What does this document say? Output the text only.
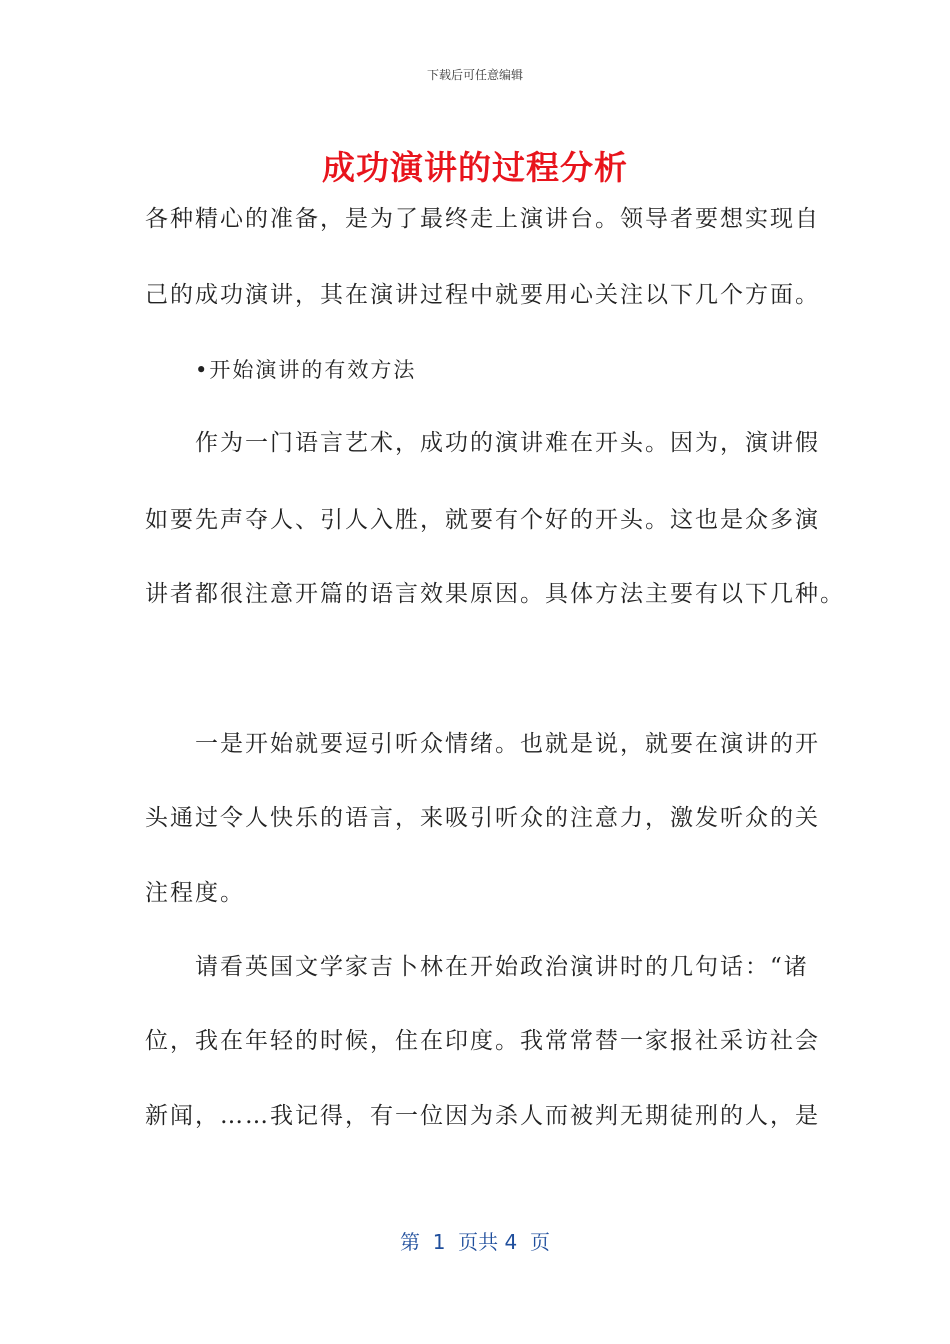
下载后可任意编辑
成功演讲的过程分析
各种精心的准备，是为了最终走上演讲台。领导者要想实现自
己的成功演讲，其在演讲过程中就要用心关注以下几个方面。
•开始演讲的有效方法
作为一门语言艺术，成功的演讲难在开头。因为，演讲假
如要先声夺人、引人入胜，就要有个好的开头。这也是众多演
讲者都很注意开篇的语言效果原因。具体方法主要有以下几种。
一是开始就要逗引听众情绪。也就是说，就要在演讲的开
头通过令人快乐的语言，来吸引听众的注意力，激发听众的关
注程度。
请看英国文学家吉卜林在开始政治演讲时的几句话：“诸
位，我在年轻的时候，住在印度。我常常替一家报社采访社会
新闻，……我记得，有一位因为杀人而被判无期徒刑的人，是
第  1  页共 4  页
